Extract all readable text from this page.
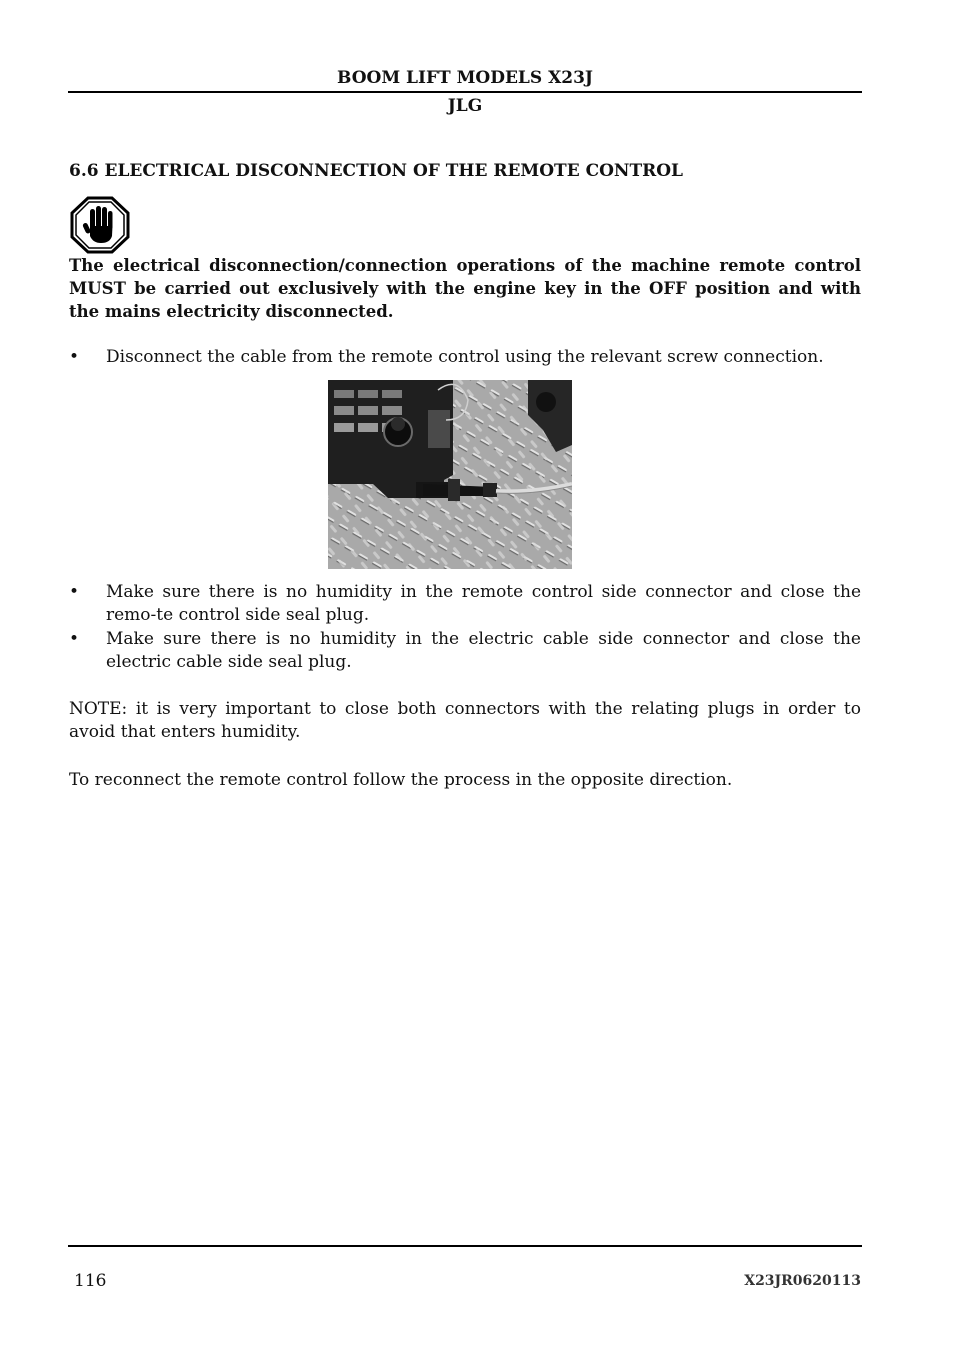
BOOM LIFT MODELS X23J
JLG
6.6 ELECTRICAL DISCONNECTION OF THE REMOTE CONTROL
The electrical disconnection/connection operations of the machine remote control MUST be carried out exclusively with the engine key in the OFF position and with the mains electricity disconnected.
• Disconnect the cable from the remote control using the relevant screw connection.
• Make sure there is no humidity in the remote control side connector and close the remo-te control side seal plug.
• Make sure there is no humidity in the electric cable side connector and close the electric cable side seal plug.
NOTE: it is very important to close both connectors with the relating plugs in order to avoid that enters humidity.
To reconnect the remote control follow the process in the opposite direction.
116	X23JR0620113
